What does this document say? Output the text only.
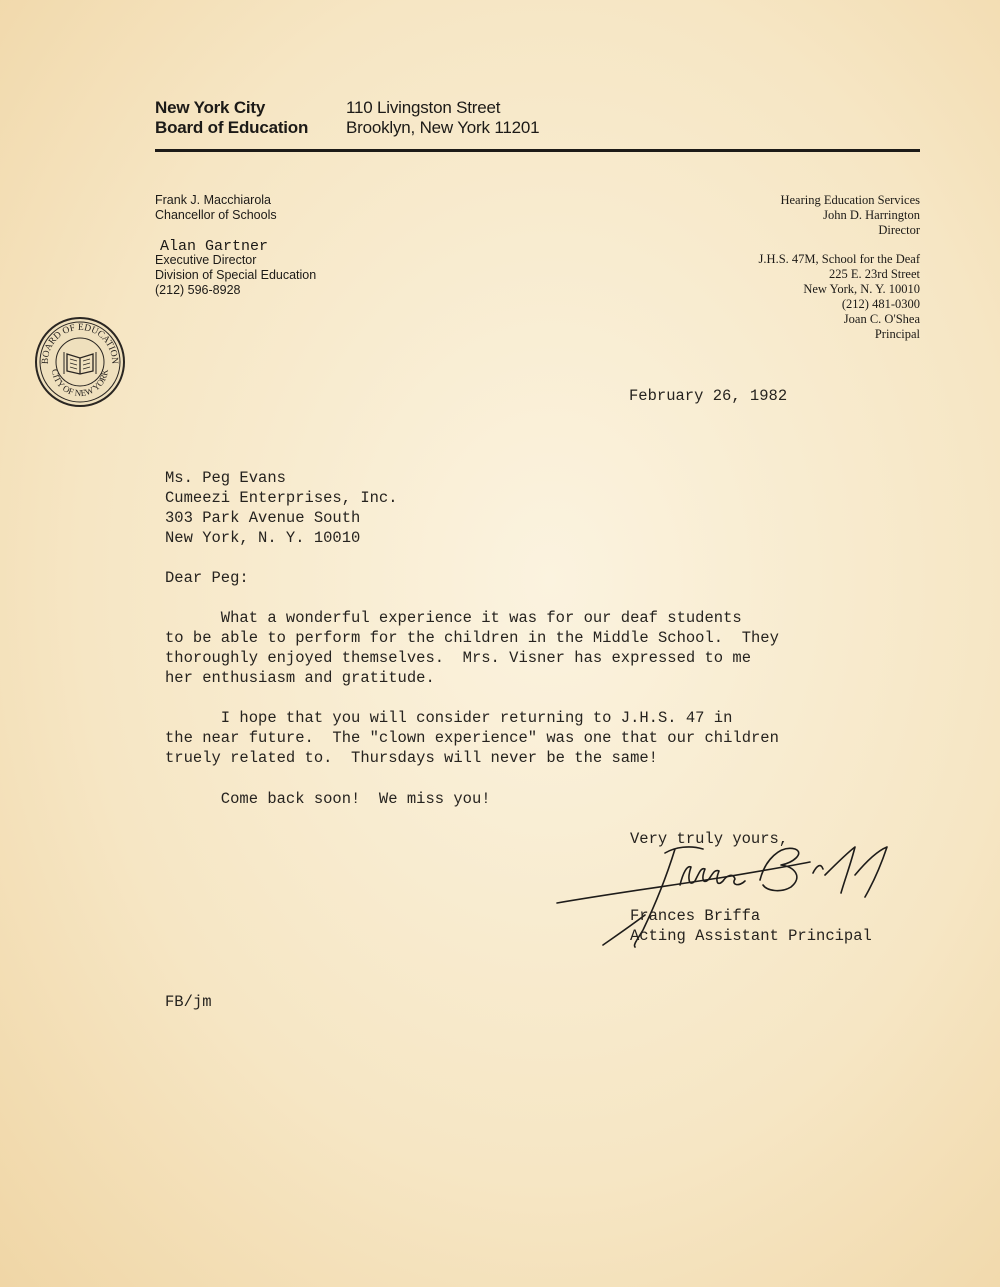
New York City
Board of Education
110 Livingston Street
Brooklyn, New York 11201
Frank J. Macchiarola
Chancellor of Schools
Alan Gartner
Executive Director
Division of Special Education
(212) 596-8928
Hearing Education Services
John D. Harrington
Director
J.H.S. 47M, School for the Deaf
225 E. 23rd Street
New York, N. Y. 10010
(212) 481-0300
Joan C. O'Shea
Principal
BOARD OF EDUCATION
CITY OF NEW YORK
February 26, 1982
Ms. Peg Evans
Cumeezi Enterprises, Inc.
303 Park Avenue South
New York, N. Y. 10010
Dear Peg:
What a wonderful experience it was for our deaf students
to be able to perform for the children in the Middle School.  They
thoroughly enjoyed themselves.  Mrs. Visner has expressed to me
her enthusiasm and gratitude.
I hope that you will consider returning to J.H.S. 47 in
the near future.  The "clown experience" was one that our children
truely related to.  Thursdays will never be the same!
Come back soon!  We miss you!
Very truly yours,
Frances Briffa
Acting Assistant Principal
FB/jm
